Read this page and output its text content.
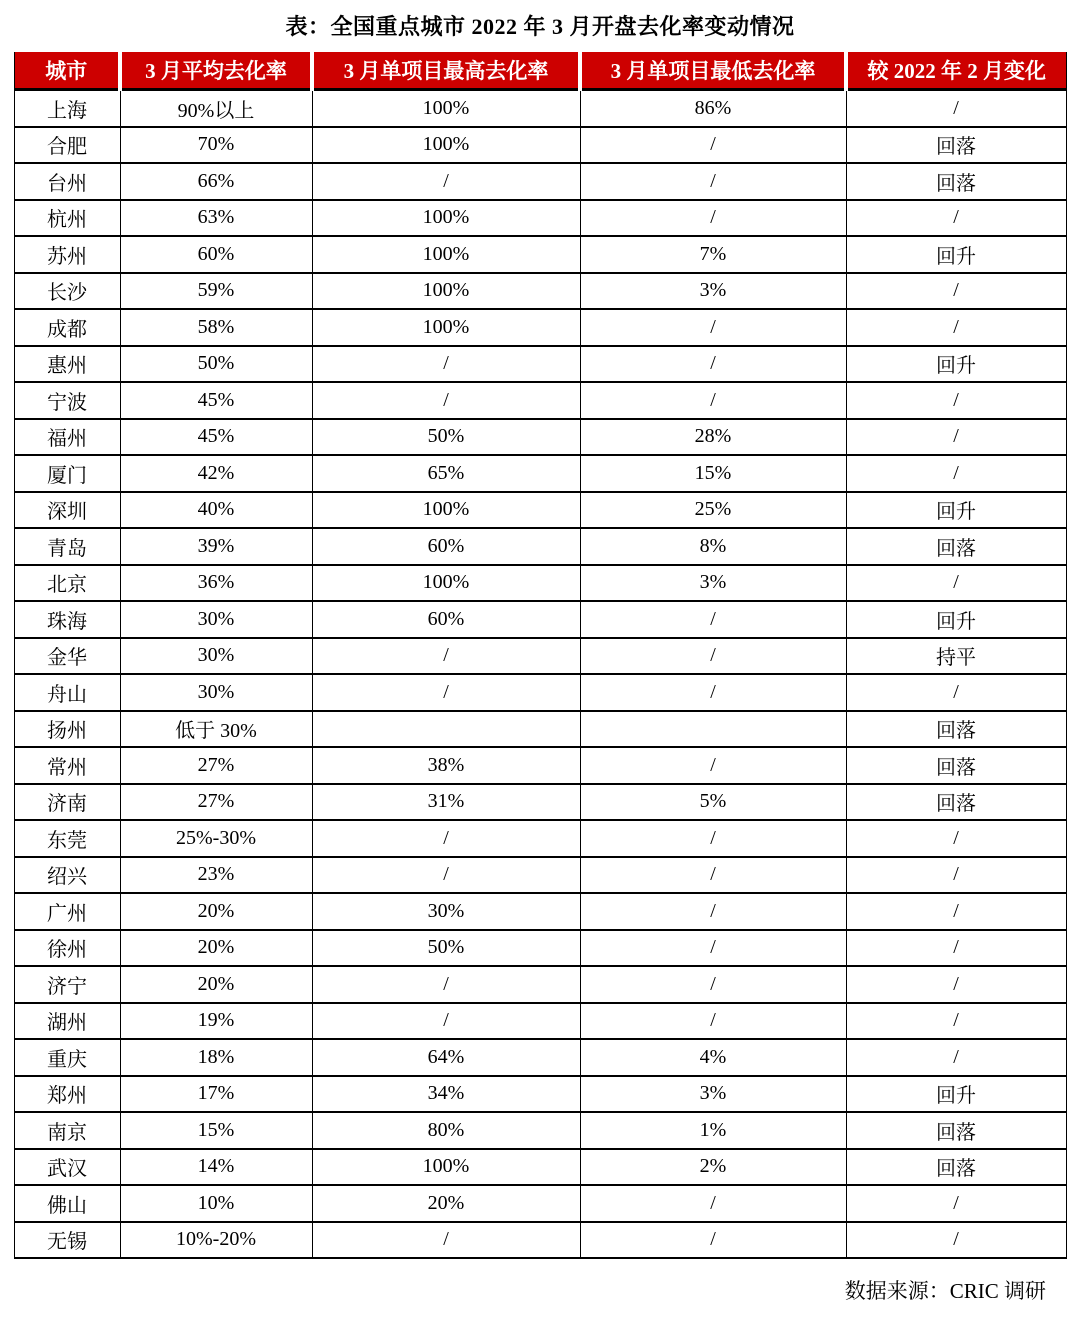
表：全国重点城市 2022 年 3 月开盘去化率变动情况
城市	3 月平均去化率	3 月单项目最高去化率	3 月单项目最低去化率	较 2022 年 2 月变化
上海	90%以上	100%	86%	/
合肥	70%	100%	/	回落
台州	66%	/	/	回落
杭州	63%	100%	/	/
苏州	60%	100%	7%	回升
长沙	59%	100%	3%	/
成都	58%	100%	/	/
惠州	50%	/	/	回升
宁波	45%	/	/	/
福州	45%	50%	28%	/
厦门	42%	65%	15%	/
深圳	40%	100%	25%	回升
青岛	39%	60%	8%	回落
北京	36%	100%	3%	/
珠海	30%	60%	/	回升
金华	30%	/	/	持平
舟山	30%	/	/	/
扬州	低于 30%			回落
常州	27%	38%	/	回落
济南	27%	31%	5%	回落
东莞	25%-30%	/	/	/
绍兴	23%	/	/	/
广州	20%	30%	/	/
徐州	20%	50%	/	/
济宁	20%	/	/	/
湖州	19%	/	/	/
重庆	18%	64%	4%	/
郑州	17%	34%	3%	回升
南京	15%	80%	1%	回落
武汉	14%	100%	2%	回落
佛山	10%	20%	/	/
无锡	10%-20%	/	/	/
数据来源：CRIC 调研
